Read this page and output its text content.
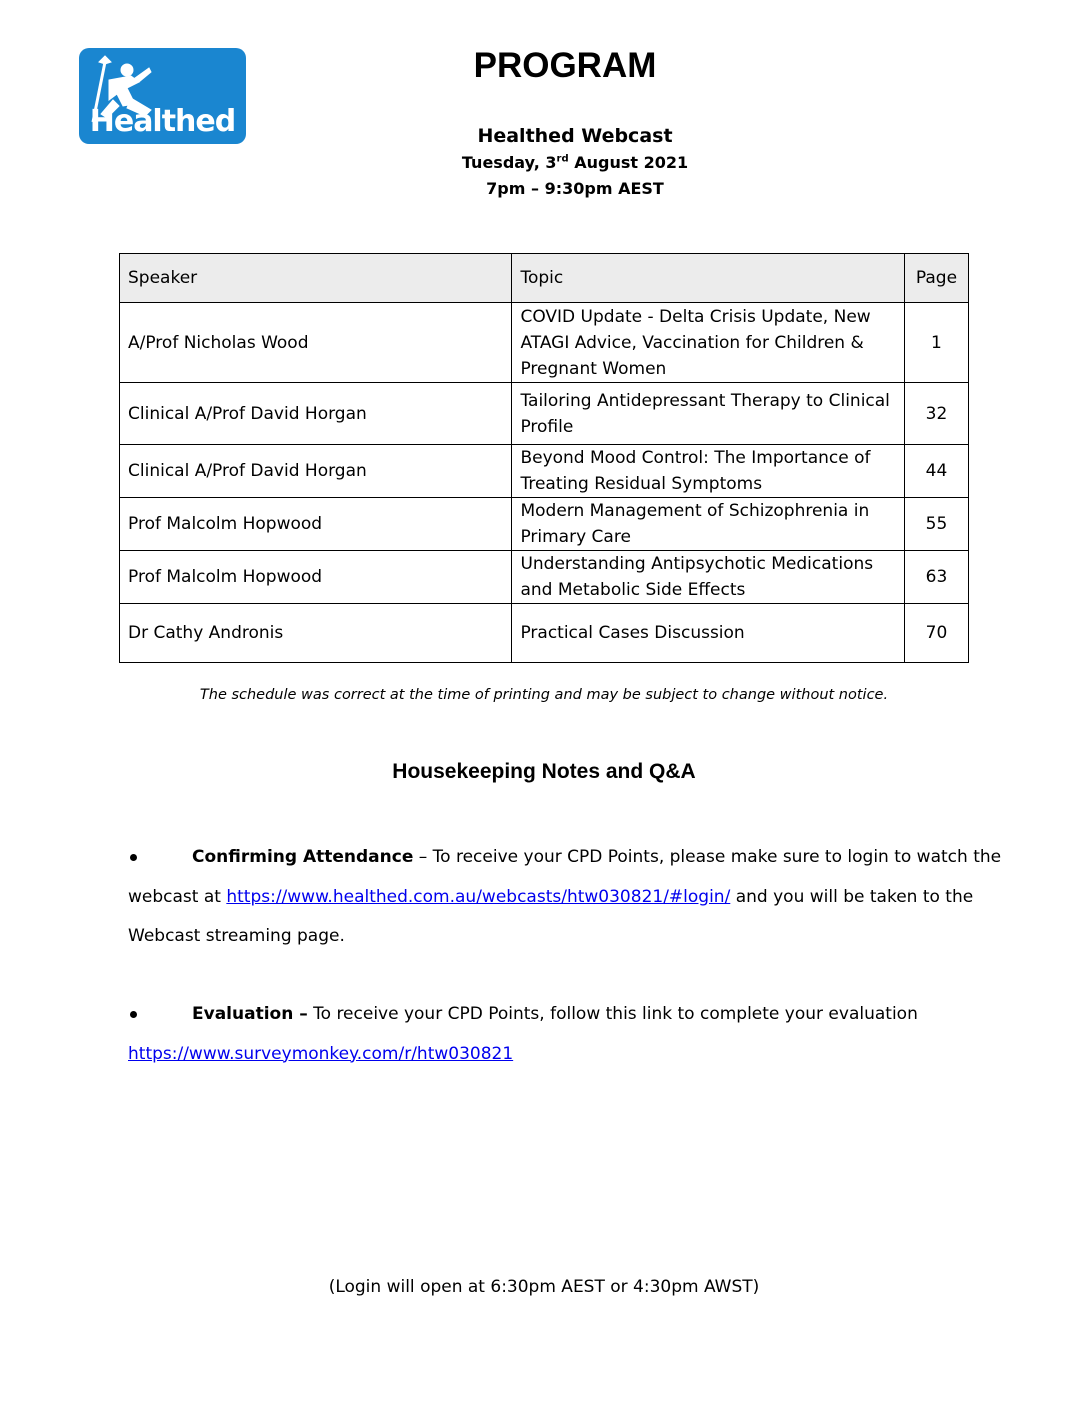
Healthed
PROGRAM
Healthed Webcast
Tuesday, 3rd August 2021
7pm – 9:30pm AEST
Speaker	Topic	Page
A/Prof Nicholas Wood	COVID Update - Delta Crisis Update, New ATAGI Advice, Vaccination for Children & Pregnant Women	1
Clinical A/Prof David Horgan	Tailoring Antidepressant Therapy to Clinical Profile	32
Clinical A/Prof David Horgan	Beyond Mood Control: The Importance of Treating Residual Symptoms	44
Prof Malcolm Hopwood	Modern Management of Schizophrenia in Primary Care	55
Prof Malcolm Hopwood	Understanding Antipsychotic Medications and Metabolic Side Effects	63
Dr Cathy Andronis	Practical Cases Discussion	70
The schedule was correct at the time of printing and may be subject to change without notice.
Housekeeping Notes and Q&A
Confirming Attendance – To receive your CPD Points, please make sure to login to watch the webcast at https://www.healthed.com.au/webcasts/htw030821/#login/ and you will be taken to the Webcast streaming page.
Evaluation – To receive your CPD Points, follow this link to complete your evaluation
https://www.surveymonkey.com/r/htw030821
(Login will open at 6:30pm AEST or 4:30pm AWST)
